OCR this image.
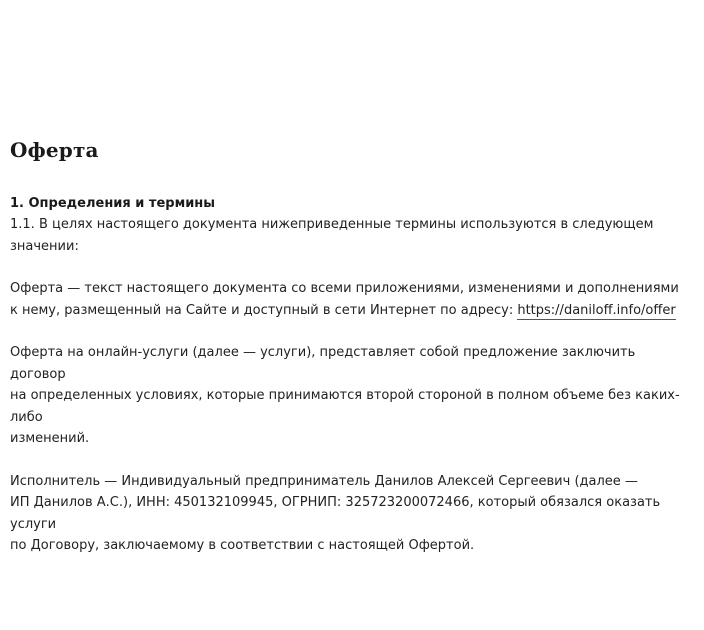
Оферта

1. Определения и термины

1.1. В целях настоящего документа нижеприведенные термины используются в следующем
значении:

Оферта — текст настоящего документа со всеми приложениями, изменениями и дополнениями
к нему, размещенный на Сайте и доступный в сети Интернет по адресу: https://daniloff.info/offer

Оферта на онлайн-услуги (далее — услуги), представляет собой предложение заключить договор
на определенных условиях, которые принимаются второй стороной в полном объеме без каких-либо
изменений.

Исполнитель — Индивидуальный предприниматель Данилов Алексей Сергеевич (далее —
ИП Данилов А.С.), ИНН: 450132109945, ОГРНИП: 325723200072466, который обязался оказать услуги
по Договору, заключаемому в соответствии с настоящей Офертой.
